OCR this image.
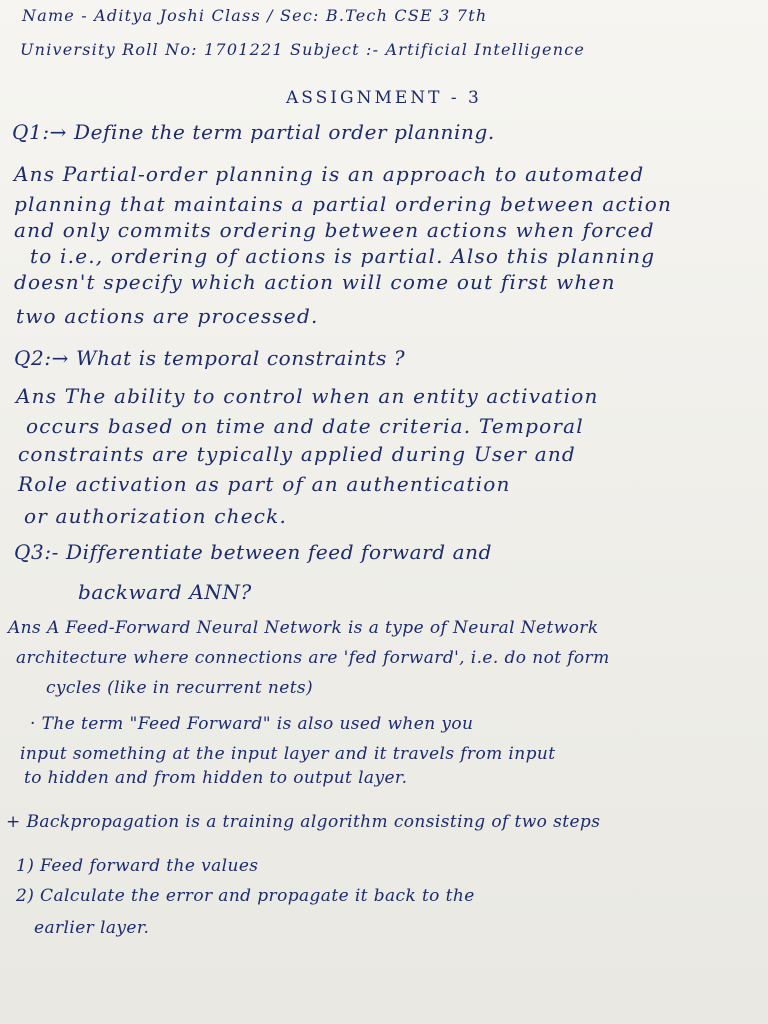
Name - Aditya Joshi Class / Sec: B.Tech CSE 3 7th
University Roll No: 1701221 Subject :- Artificial Intelligence
ASSIGNMENT - 3
Q1:→ Define the term partial order planning.
Ans Partial-order planning is an approach to automated
planning that maintains a partial ordering between action
and only commits ordering between actions when forced
to i.e., ordering of actions is partial. Also this planning
doesn't specify which action will come out first when
two actions are processed.
Q2:→ What is temporal constraints ?
Ans The ability to control when an entity activation
occurs based on time and date criteria. Temporal
constraints are typically applied during User and
Role activation as part of an authentication
or authorization check.
Q3:- Differentiate between feed forward and
backward ANN?
Ans A Feed-Forward Neural Network is a type of Neural Network
architecture where connections are 'fed forward', i.e. do not form
cycles (like in recurrent nets)
· The term "Feed Forward" is also used when you
input something at the input layer and it travels from input
to hidden and from hidden to output layer.
+ Backpropagation is a training algorithm consisting of two steps
1) Feed forward the values
2) Calculate the error and propagate it back to the
earlier layer.
